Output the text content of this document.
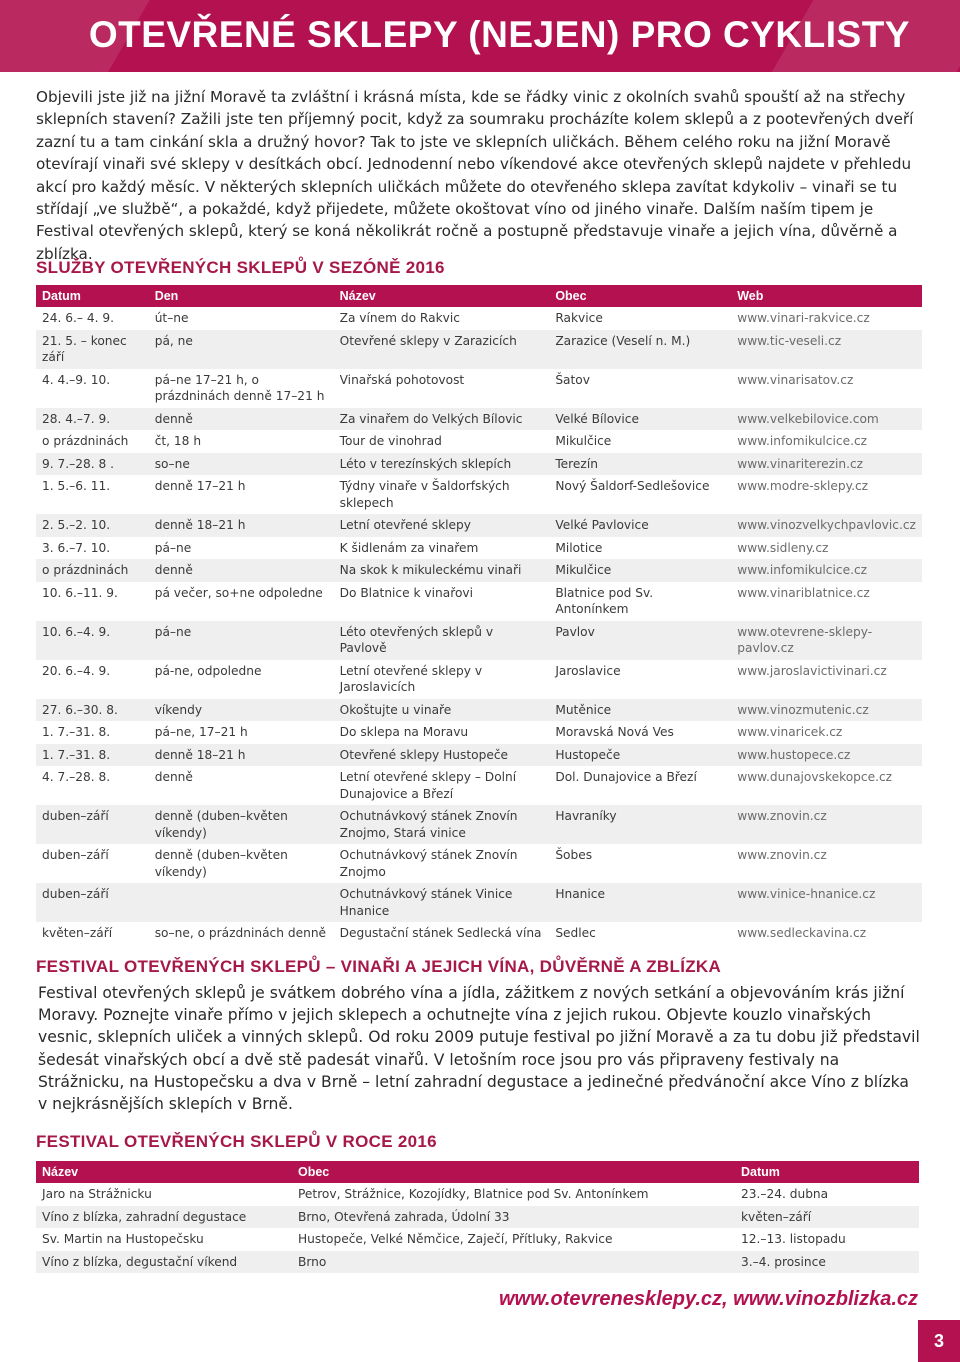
OTEVŘENÉ SKLEPY (NEJEN) PRO CYKLISTY
Objevili jste již na jižní Moravě ta zvláštní i krásná místa, kde se řádky vinic z okolních svahů spouští až na střechy sklepních stavení? Zažili jste ten příjemný pocit, když za soumraku procházíte kolem sklepů a z pootevřených dveří zazní tu a tam cinkání skla a družný hovor? Tak to jste ve sklepních uličkách. Během celého roku na jižní Moravě otevírají vinaři své sklepy v desítkách obcí. Jednodenní nebo víkendové akce otevřených sklepů najdete v přehledu akcí pro každý měsíc. V některých sklepních uličkách můžete do otevřeného sklepa zavítat kdykoliv – vinaři se tu střídají „ve službě“, a pokaždé, když přijedete, můžete okoštovat víno od jiného vinaře. Dalším naším tipem je Festival otevřených sklepů, který se koná několikrát ročně a postupně představuje vinaře a jejich vína, důvěrně a zblízka.
SLUŽBY OTEVŘENÝCH SKLEPŮ V SEZÓNĚ 2016
Datum	Den	Název	Obec	Web
24. 6.– 4. 9.	út–ne	Za vínem do Rakvic	Rakvice	www.vinari-rakvice.cz
21. 5. – konec září	pá, ne	Otevřené sklepy v Zarazicích	Zarazice (Veselí n. M.)	www.tic-veseli.cz
4. 4.–9. 10.	pá–ne 17–21 h, o prázdninách denně 17–21 h	Vinařská pohotovost	Šatov	www.vinarisatov.cz
28. 4.–7. 9.	denně	Za vinařem do Velkých Bílovic	Velké Bílovice	www.velkebilovice.com
o prázdninách	čt, 18 h	Tour de vinohrad	Mikulčice	www.infomikulcice.cz
9. 7.–28. 8 .	so–ne	Léto v terezínských sklepích	Terezín	www.vinariterezin.cz
1. 5.–6. 11.	denně 17–21 h	Týdny vinaře v Šaldorfských sklepech	Nový Šaldorf-Sedlešovice	www.modre-sklepy.cz
2. 5.–2. 10.	denně 18–21 h	Letní otevřené sklepy	Velké Pavlovice	www.vinozvelkychpavlovic.cz
3. 6.–7. 10.	pá–ne	K šidlenám za vinařem	Milotice	www.sidleny.cz
o prázdninách	denně	Na skok k mikuleckému vinaři	Mikulčice	www.infomikulcice.cz
10. 6.–11. 9.	pá večer, so+ne odpoledne	Do Blatnice k vinařovi	Blatnice pod Sv. Antonínkem	www.vinariblatnice.cz
10. 6.–4. 9.	pá–ne	Léto otevřených sklepů v Pavlově	Pavlov	www.otevrene-sklepy-pavlov.cz
20. 6.–4. 9.	pá-ne, odpoledne	Letní otevřené sklepy v Jaroslavicích	Jaroslavice	www.jaroslavictivinari.cz
27. 6.–30. 8.	víkendy	Okoštujte u vinaře	Mutěnice	www.vinozmutenic.cz
1. 7.–31. 8.	pá–ne, 17–21 h	Do sklepa na Moravu	Moravská Nová Ves	www.vinaricek.cz
1. 7.–31. 8.	denně 18–21 h	Otevřené sklepy Hustopeče	Hustopeče	www.hustopece.cz
4. 7.–28. 8.	denně	Letní otevřené sklepy – Dolní Dunajovice a Březí	Dol. Dunajovice a Březí	www.dunajovskekopce.cz
duben–září	denně (duben–květen víkendy)	Ochutnávkový stánek Znovín Znojmo, Stará vinice	Havraníky	www.znovin.cz
duben–září	denně (duben–květen víkendy)	Ochutnávkový stánek Znovín Znojmo	Šobes	www.znovin.cz
duben–září		Ochutnávkový stánek Vinice Hnanice	Hnanice	www.vinice-hnanice.cz
květen–září	so–ne, o prázdninách denně	Degustační stánek Sedlecká vína	Sedlec	www.sedleckavina.cz
FESTIVAL OTEVŘENÝCH SKLEPŮ – VINAŘI A JEJICH VÍNA, DŮVĚRNĚ A ZBLÍZKA
Festival otevřených sklepů je svátkem dobrého vína a jídla, zážitkem z nových setkání a objevováním krás jižní Moravy. Poznejte vinaře přímo v jejich sklepech a ochutnejte vína z jejich rukou. Objevte kouzlo vinařských vesnic, sklepních uliček a vinných sklepů. Od roku 2009 putuje festival po jižní Moravě a za tu dobu již představil šedesát vinařských obcí a dvě stě padesát vinařů. V letošním roce jsou pro vás připraveny festivaly na Strážnicku, na Hustopečsku a dva v Brně – letní zahradní degustace a jedinečné předvánoční akce Víno z blízka v nejkrásnějších sklepích v Brně.
FESTIVAL OTEVŘENÝCH SKLEPŮ V ROCE 2016
Název	Obec	Datum
Jaro na Strážnicku	Petrov, Strážnice, Kozojídky, Blatnice pod Sv. Antonínkem	23.–24. dubna
Víno z blízka, zahradní degustace	Brno, Otevřená zahrada, Údolní 33	květen–září
Sv. Martin na Hustopečsku	Hustopeče, Velké Němčice, Zaječí, Přítluky, Rakvice	12.–13. listopadu
Víno z blízka, degustační víkend	Brno	3.–4. prosince
www.otevrenesklepy.cz, www.vinozblizka.cz
3
